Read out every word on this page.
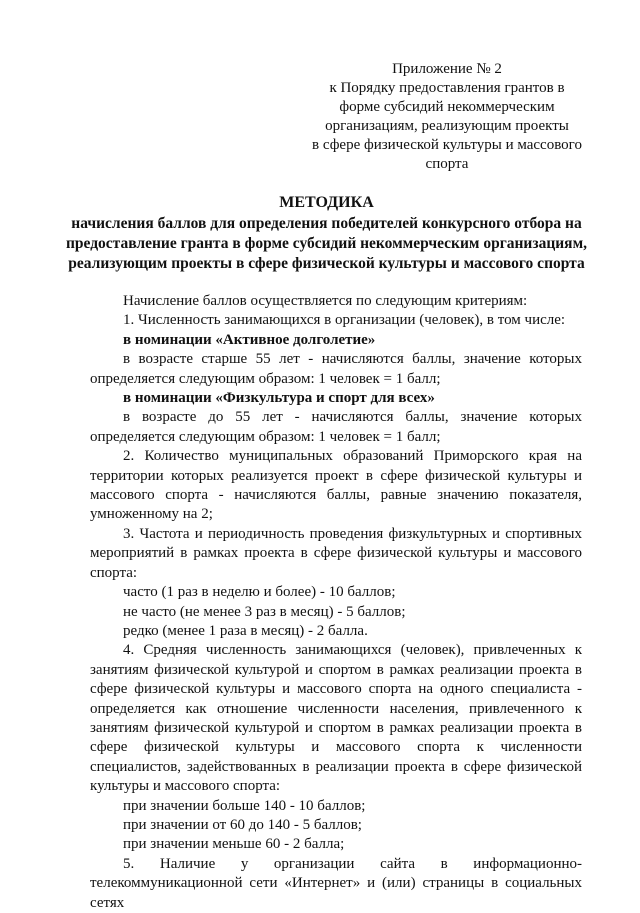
Приложение № 2
к Порядку предоставления грантов в
форме субсидий некоммерческим
организациям, реализующим проекты
в сфере физической культуры и массового
спорта
МЕТОДИКА
начисления баллов для определения победителей конкурсного отбора на предоставление гранта в форме субсидий некоммерческим организациям, реализующим проекты в сфере физической культуры и массового спорта
Начисление баллов осуществляется по следующим критериям:
1. Численность занимающихся в организации (человек), в том числе:
в номинации «Активное долголетие»
в возрасте старше 55 лет - начисляются баллы, значение которых определяется следующим образом: 1 человек = 1 балл;
в номинации «Физкультура и спорт для всех»
в возрасте до 55 лет - начисляются баллы, значение которых определяется следующим образом: 1 человек = 1 балл;
2. Количество муниципальных образований Приморского края на территории которых реализуется проект в сфере физической культуры и массового спорта - начисляются баллы, равные значению показателя, умноженному на 2;
3. Частота и периодичность проведения физкультурных и спортивных мероприятий в рамках проекта в сфере физической культуры и массового спорта:
часто (1 раз в неделю и более) - 10 баллов;
не часто (не менее 3 раз в месяц) - 5 баллов;
редко (менее 1 раза в месяц) - 2 балла.
4. Средняя численность занимающихся (человек), привлеченных к занятиям физической культурой и спортом в рамках реализации проекта в сфере физической культуры и массового спорта на одного специалиста - определяется как отношение численности населения, привлеченного к занятиям физической культурой и спортом в рамках реализации проекта в сфере физической культуры и массового спорта к численности специалистов, задействованных в реализации проекта в сфере физической культуры и массового спорта:
при значении больше 140 - 10 баллов;
при значении от 60 до 140 - 5 баллов;
при значении меньше 60 - 2 балла;
5. Наличие у организации сайта в информационно-телекоммуникационной сети «Интернет» и (или) страницы в социальных сетях
